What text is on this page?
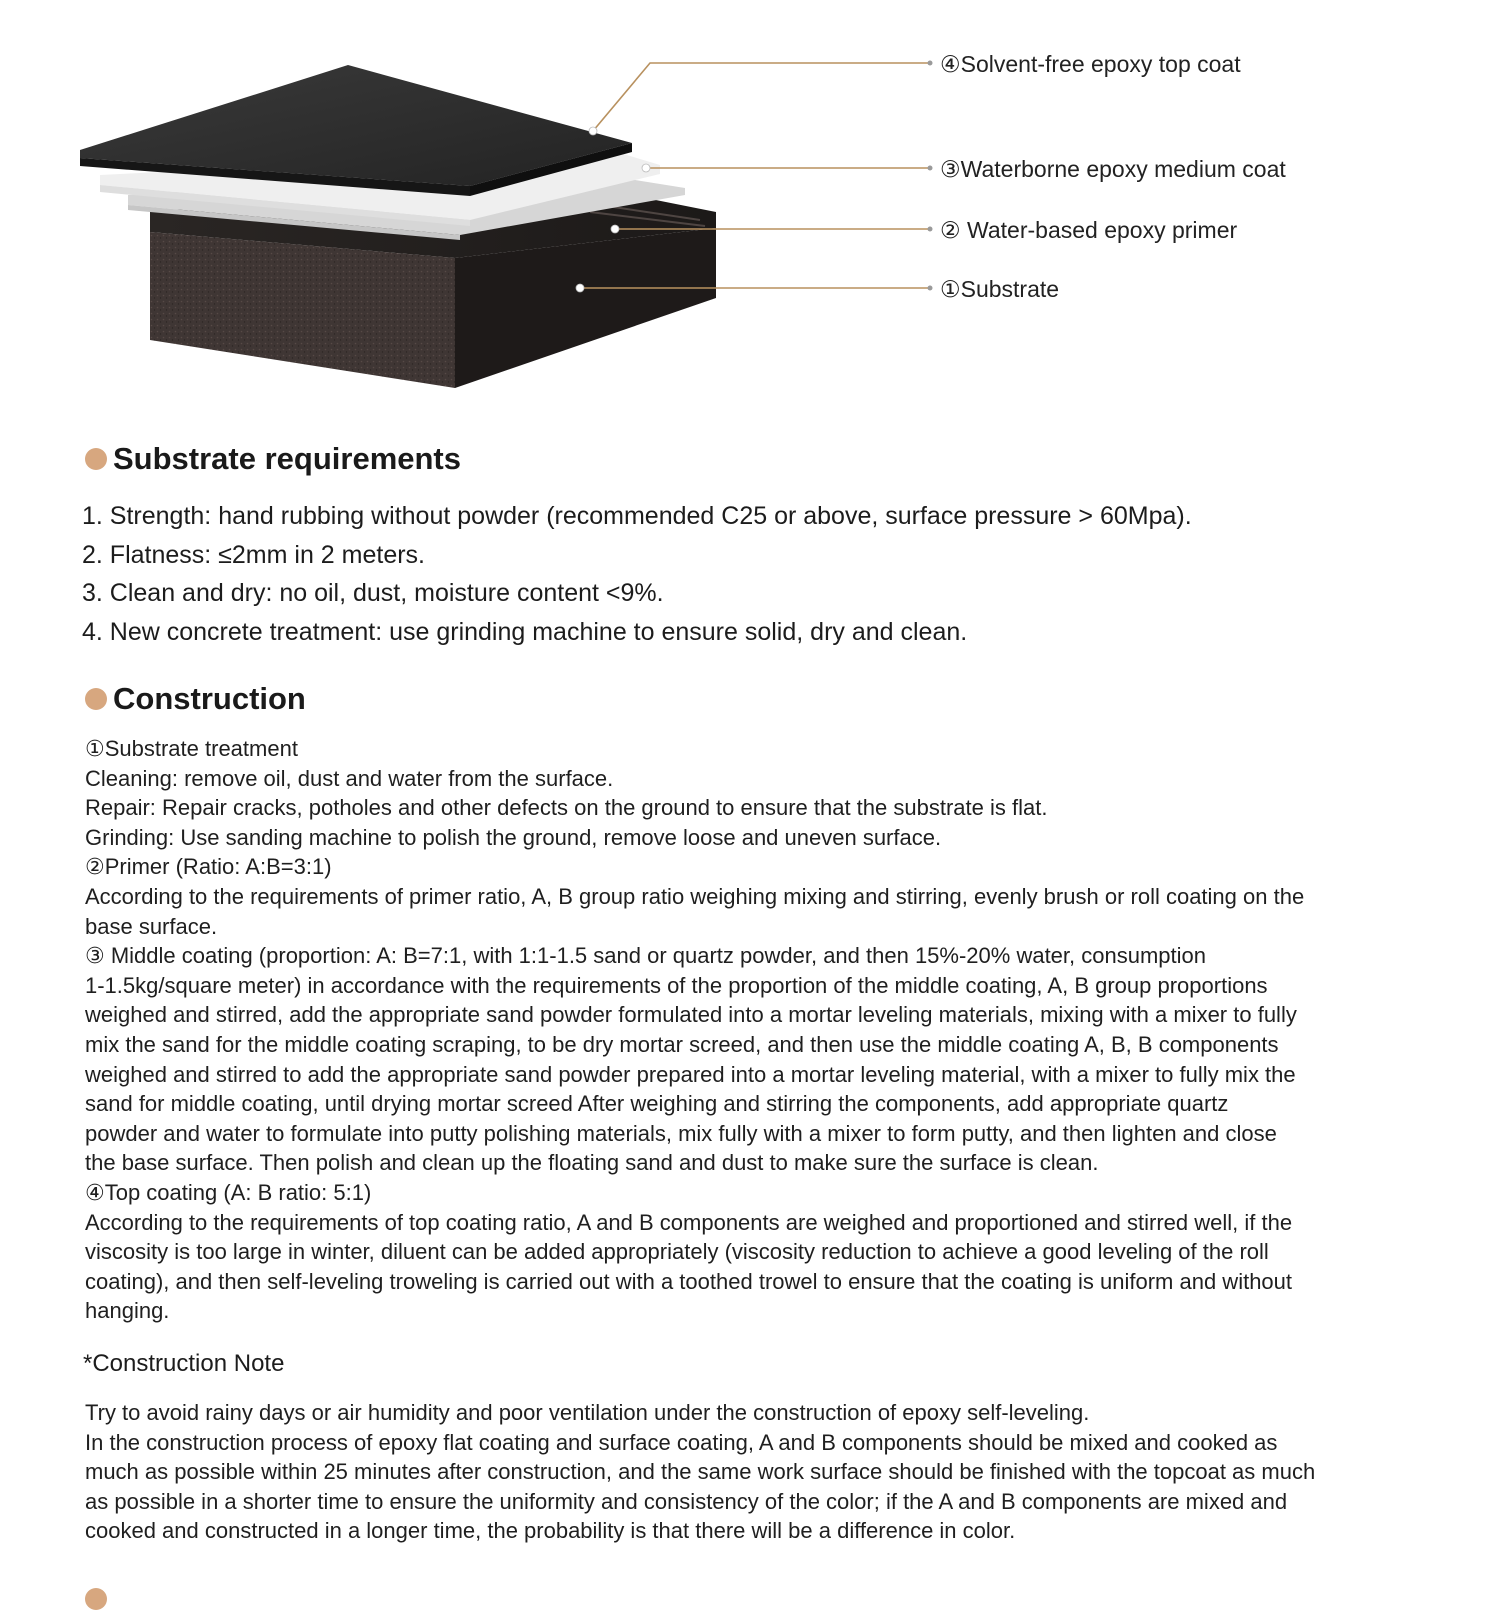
④Solvent-free epoxy top coat
③Waterborne epoxy medium coat
② Water-based epoxy primer
①Substrate
Substrate requirements
1. Strength: hand rubbing without powder (recommended C25 or above, surface pressure > 60Mpa).
2. Flatness: ≤2mm in 2 meters.
3. Clean and dry: no oil, dust, moisture content <9%.
4. New concrete treatment: use grinding machine to ensure solid, dry and clean.
Construction
①Substrate treatment
Cleaning: remove oil, dust and water from the surface.
Repair: Repair cracks, potholes and other defects on the ground to ensure that the substrate is flat.
Grinding: Use sanding machine to polish the ground, remove loose and uneven surface.
②Primer (Ratio: A:B=3:1)
According to the requirements of primer ratio, A, B group ratio weighing mixing and stirring, evenly brush or roll coating on the
base surface.
③ Middle coating (proportion: A: B=7:1, with 1:1-1.5 sand or quartz powder, and then 15%-20% water, consumption
1-1.5kg/square meter) in accordance with the requirements of the proportion of the middle coating, A, B group proportions
weighed and stirred, add the appropriate sand powder formulated into a mortar leveling materials, mixing with a mixer to fully
mix the sand for the middle coating scraping, to be dry mortar screed, and then use the middle coating A, B, B components
weighed and stirred to add the appropriate sand powder prepared into a mortar leveling material, with a mixer to fully mix the
sand for middle coating, until drying mortar screed After weighing and stirring the components, add appropriate quartz
powder and water to formulate into putty polishing materials, mix fully with a mixer to form putty, and then lighten and close
the base surface. Then polish and clean up the floating sand and dust to make sure the surface is clean.
④Top coating (A: B ratio: 5:1)
According to the requirements of top coating ratio, A and B components are weighed and proportioned and stirred well, if the
viscosity is too large in winter, diluent can be added appropriately (viscosity reduction to achieve a good leveling of the roll
coating), and then self-leveling troweling is carried out with a toothed trowel to ensure that the coating is uniform and without
hanging.
*Construction Note
Try to avoid rainy days or air humidity and poor ventilation under the construction of epoxy self-leveling.
In the construction process of epoxy flat coating and surface coating, A and B components should be mixed and cooked as
much as possible within 25 minutes after construction, and the same work surface should be finished with the topcoat as much
as possible in a shorter time to ensure the uniformity and consistency of the color; if the A and B components are mixed and
cooked and constructed in a longer time, the probability is that there will be a difference in color.
